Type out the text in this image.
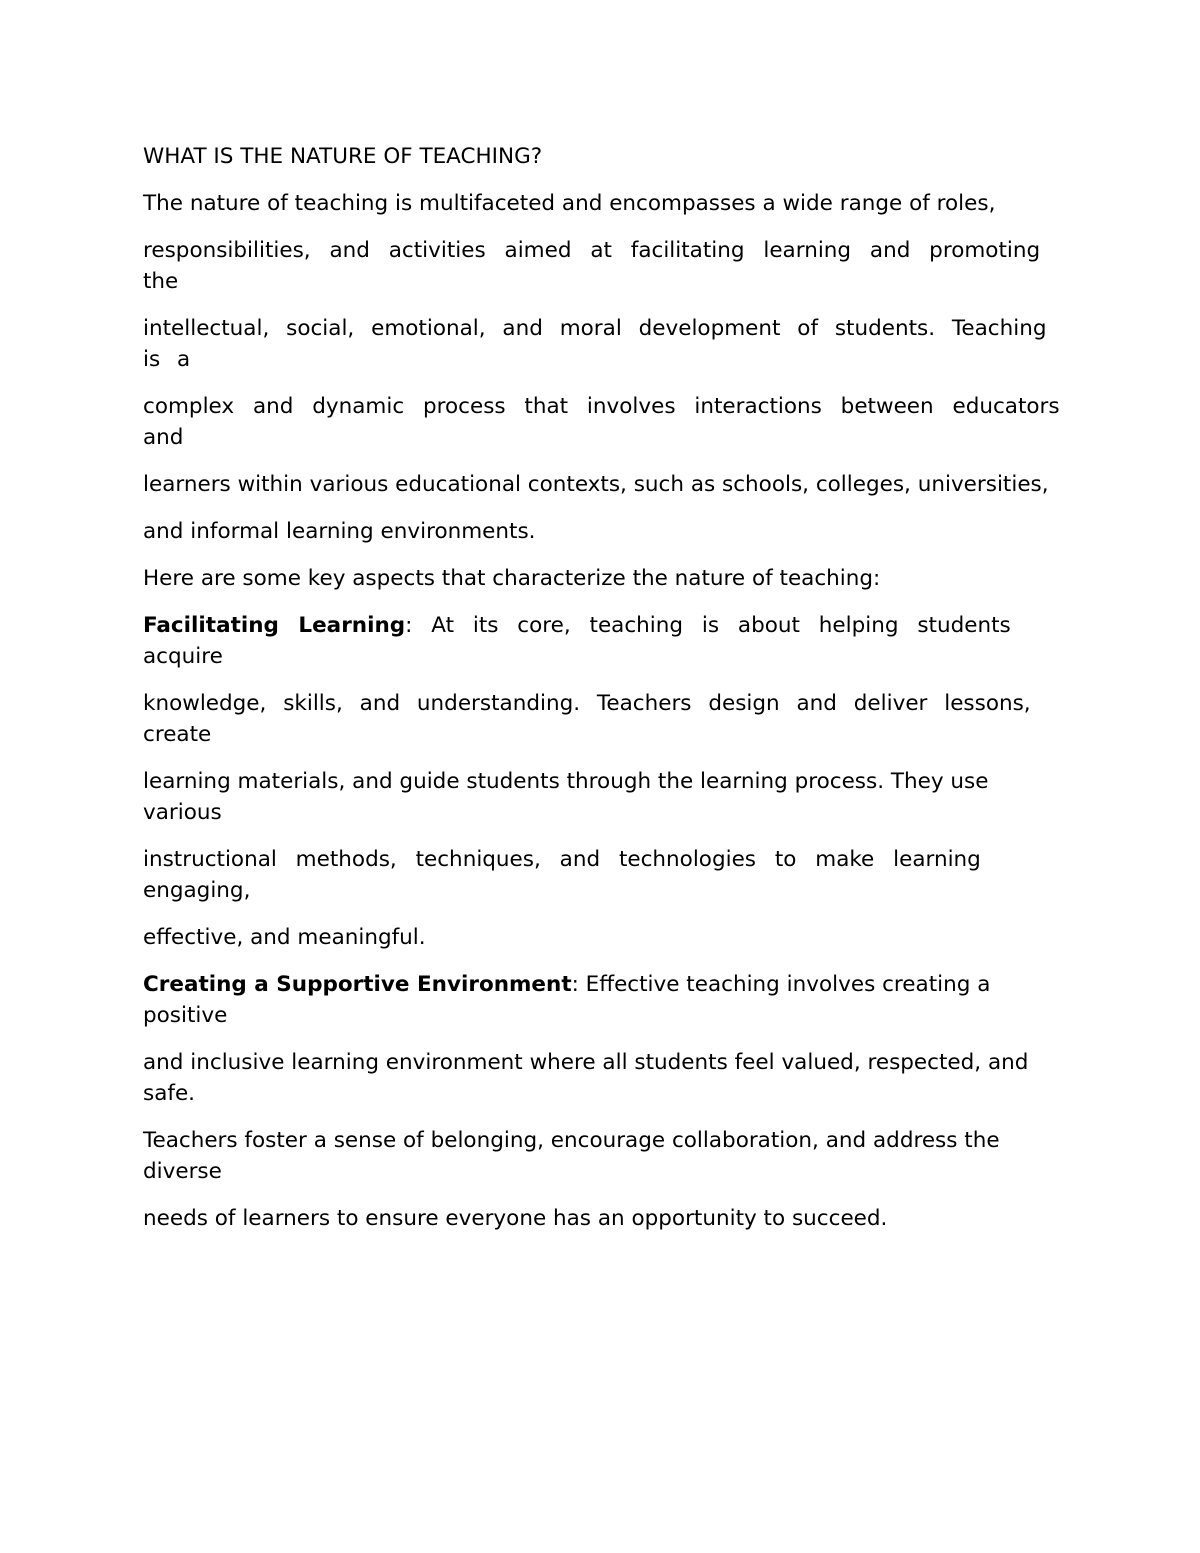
WHAT IS THE NATURE OF TEACHING?

The nature of teaching is multifaceted and encompasses a wide range of roles,

responsibilities, and activities aimed at facilitating learning and promoting the

intellectual, social, emotional, and moral development of students. Teaching is a

complex and dynamic process that involves interactions between educators and

learners within various educational contexts, such as schools, colleges, universities,

and informal learning environments.

Here are some key aspects that characterize the nature of teaching:

Facilitating Learning: At its core, teaching is about helping students acquire

knowledge, skills, and understanding. Teachers design and deliver lessons, create

learning materials, and guide students through the learning process. They use various

instructional methods, techniques, and technologies to make learning engaging,

effective, and meaningful.

Creating a Supportive Environment: Effective teaching involves creating a positive

and inclusive learning environment where all students feel valued, respected, and safe.

Teachers foster a sense of belonging, encourage collaboration, and address the diverse

needs of learners to ensure everyone has an opportunity to succeed.
